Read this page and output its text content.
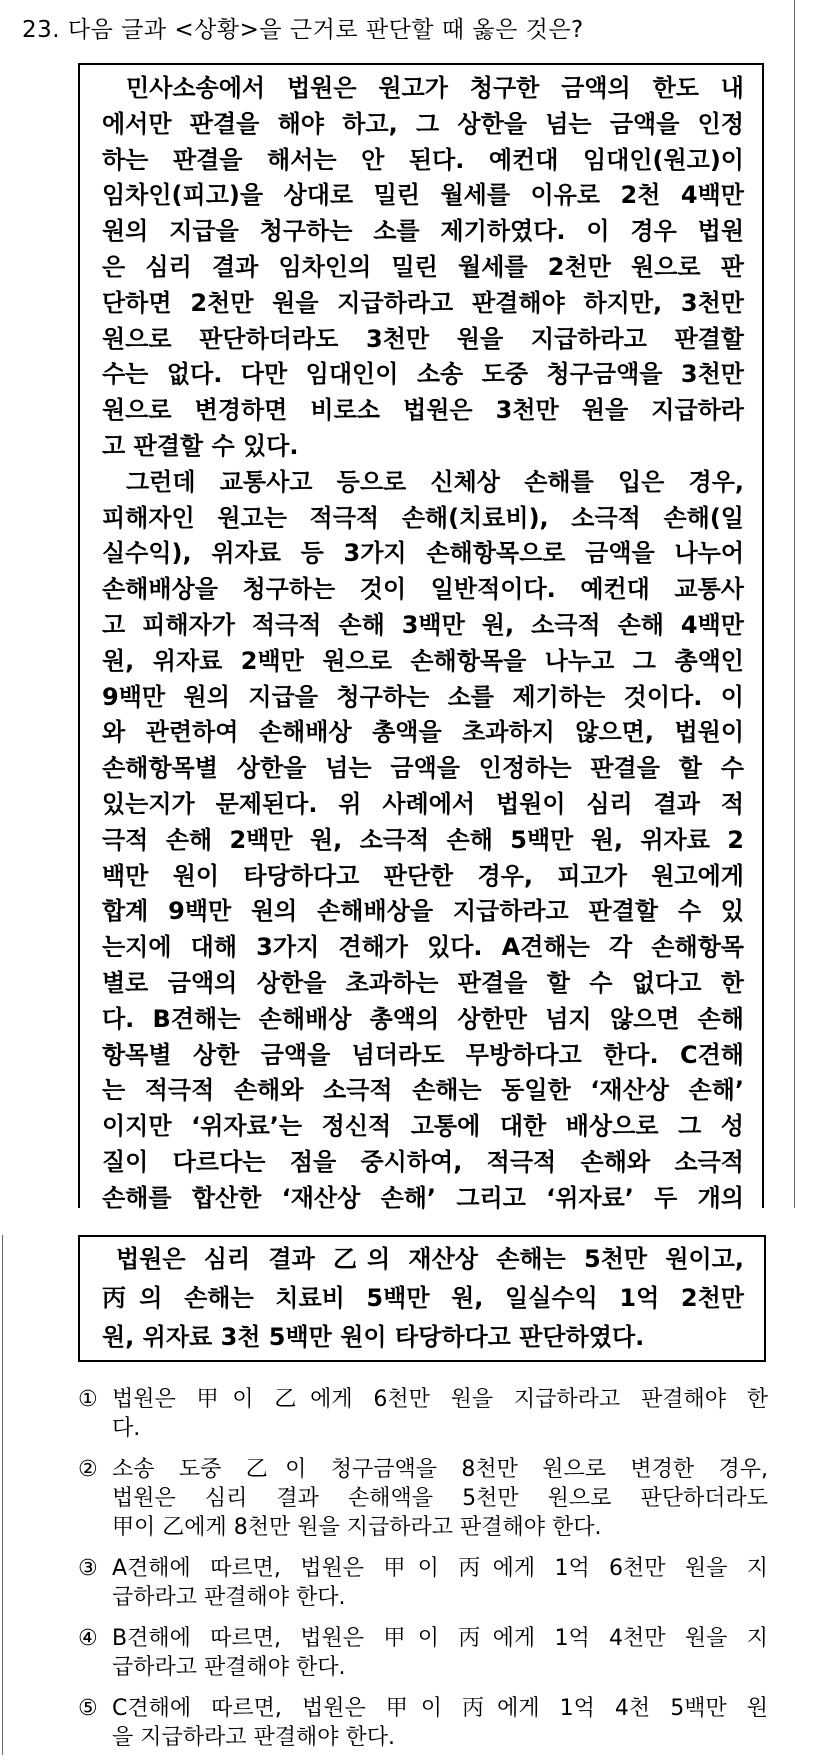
23. 다음 글과 <상황>을 근거로 판단할 때 옳은 것은?
민사소송에서 법원은 원고가 청구한 금액의 한도 내
에서만 판결을 해야 하고, 그 상한을 넘는 금액을 인정
하는 판결을 해서는 안 된다. 예컨대 임대인(원고)이
임차인(피고)을 상대로 밀린 월세를 이유로 2천 4백만
원의 지급을 청구하는 소를 제기하였다. 이 경우 법원
은 심리 결과 임차인의 밀린 월세를 2천만 원으로 판
단하면 2천만 원을 지급하라고 판결해야 하지만, 3천만
원으로 판단하더라도 3천만 원을 지급하라고 판결할
수는 없다. 다만 임대인이 소송 도중 청구금액을 3천만
원으로 변경하면 비로소 법원은 3천만 원을 지급하라
고 판결할 수 있다.
그런데 교통사고 등으로 신체상 손해를 입은 경우,
피해자인 원고는 적극적 손해(치료비), 소극적 손해(일
실수익), 위자료 등 3가지 손해항목으로 금액을 나누어
손해배상을 청구하는 것이 일반적이다. 예컨대 교통사
고 피해자가 적극적 손해 3백만 원, 소극적 손해 4백만
원, 위자료 2백만 원으로 손해항목을 나누고 그 총액인
9백만 원의 지급을 청구하는 소를 제기하는 것이다. 이
와 관련하여 손해배상 총액을 초과하지 않으면, 법원이
손해항목별 상한을 넘는 금액을 인정하는 판결을 할 수
있는지가 문제된다. 위 사례에서 법원이 심리 결과 적
극적 손해 2백만 원, 소극적 손해 5백만 원, 위자료 2
백만 원이 타당하다고 판단한 경우, 피고가 원고에게
합계 9백만 원의 손해배상을 지급하라고 판결할 수 있
는지에 대해 3가지 견해가 있다. A견해는 각 손해항목
별로 금액의 상한을 초과하는 판결을 할 수 없다고 한
다. B견해는 손해배상 총액의 상한만 넘지 않으면 손해
항목별 상한 금액을 넘더라도 무방하다고 한다. C견해
는 적극적 손해와 소극적 손해는 동일한 ‘재산상 손해’
이지만 ‘위자료’는 정신적 고통에 대한 배상으로 그 성
질이 다르다는 점을 중시하여, 적극적 손해와 소극적
손해를 합산한 ‘재산상 손해’ 그리고 ‘위자료’ 두 개의
법원은 심리 결과 乙의 재산상 손해는 5천만 원이고,
丙의 손해는 치료비 5백만 원, 일실수익 1억 2천만
원, 위자료 3천 5백만 원이 타당하다고 판단하였다.
① 법원은 甲이 乙에게 6천만 원을 지급하라고 판결해야 한
다.
② 소송 도중 乙이 청구금액을 8천만 원으로 변경한 경우,
법원은 심리 결과 손해액을 5천만 원으로 판단하더라도
甲이 乙에게 8천만 원을 지급하라고 판결해야 한다.
③ A견해에 따르면, 법원은 甲이 丙에게 1억 6천만 원을 지
급하라고 판결해야 한다.
④ B견해에 따르면, 법원은 甲이 丙에게 1억 4천만 원을 지
급하라고 판결해야 한다.
⑤ C견해에 따르면, 법원은 甲이 丙에게 1억 4천 5백만 원
을 지급하라고 판결해야 한다.
